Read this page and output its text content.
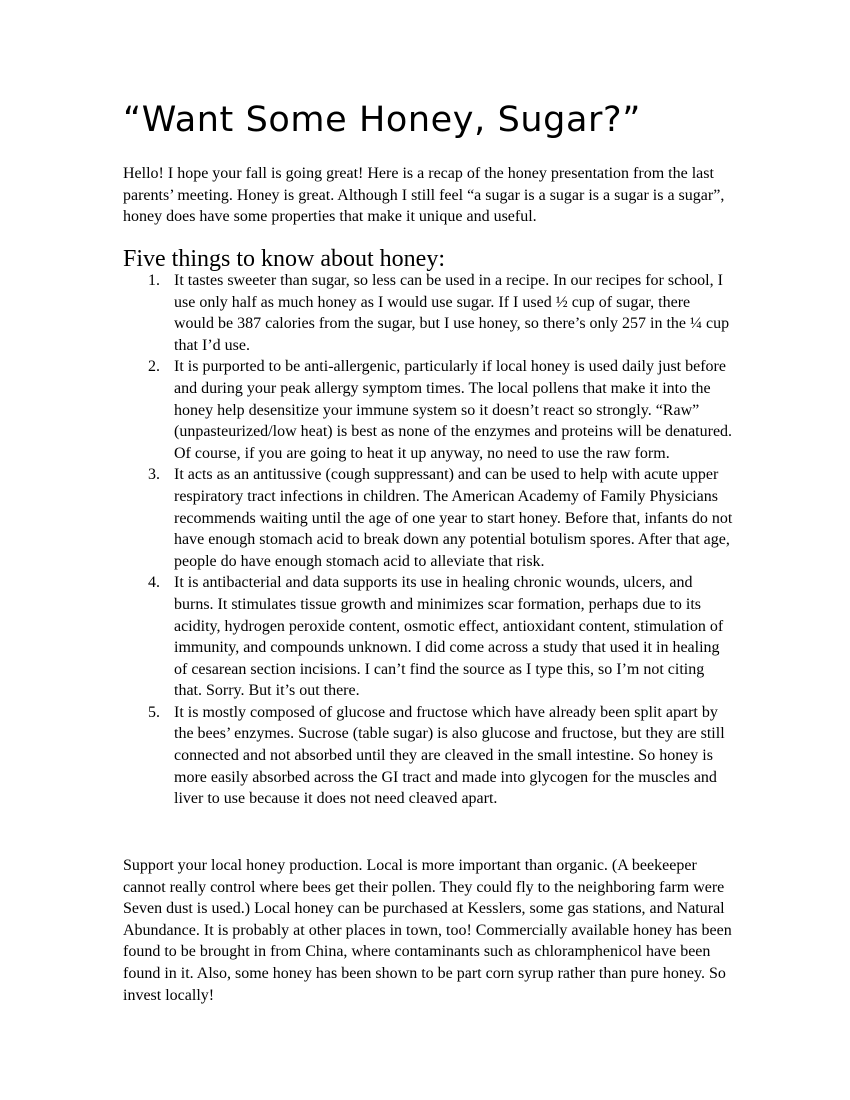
“Want Some Honey, Sugar?”

Hello! I hope your fall is going great! Here is a recap of the honey presentation from the last parents’ meeting. Honey is great. Although I still feel “a sugar is a sugar is a sugar is a sugar”, honey does have some properties that make it unique and useful.

Five things to know about honey:
1. It tastes sweeter than sugar, so less can be used in a recipe. In our recipes for school, I use only half as much honey as I would use sugar. If I used ½ cup of sugar, there would be 387 calories from the sugar, but I use honey, so there’s only 257 in the ¼ cup that I’d use.
2. It is purported to be anti-allergenic, particularly if local honey is used daily just before and during your peak allergy symptom times. The local pollens that make it into the honey help desensitize your immune system so it doesn’t react so strongly. “Raw” (unpasteurized/low heat) is best as none of the enzymes and proteins will be denatured. Of course, if you are going to heat it up anyway, no need to use the raw form.
3. It acts as an antitussive (cough suppressant) and can be used to help with acute upper respiratory tract infections in children. The American Academy of Family Physicians recommends waiting until the age of one year to start honey. Before that, infants do not have enough stomach acid to break down any potential botulism spores. After that age, people do have enough stomach acid to alleviate that risk.
4. It is antibacterial and data supports its use in healing chronic wounds, ulcers, and burns. It stimulates tissue growth and minimizes scar formation, perhaps due to its acidity, hydrogen peroxide content, osmotic effect, antioxidant content, stimulation of immunity, and compounds unknown. I did come across a study that used it in healing of cesarean section incisions. I can’t find the source as I type this, so I’m not citing that. Sorry. But it’s out there.
5. It is mostly composed of glucose and fructose which have already been split apart by the bees’ enzymes. Sucrose (table sugar) is also glucose and fructose, but they are still connected and not absorbed until they are cleaved in the small intestine. So honey is more easily absorbed across the GI tract and made into glycogen for the muscles and liver to use because it does not need cleaved apart.

Support your local honey production. Local is more important than organic. (A beekeeper cannot really control where bees get their pollen. They could fly to the neighboring farm were Seven dust is used.) Local honey can be purchased at Kesslers, some gas stations, and Natural Abundance. It is probably at other places in town, too! Commercially available honey has been found to be brought in from China, where contaminants such as chloramphenicol have been found in it. Also, some honey has been shown to be part corn syrup rather than pure honey. So invest locally!
